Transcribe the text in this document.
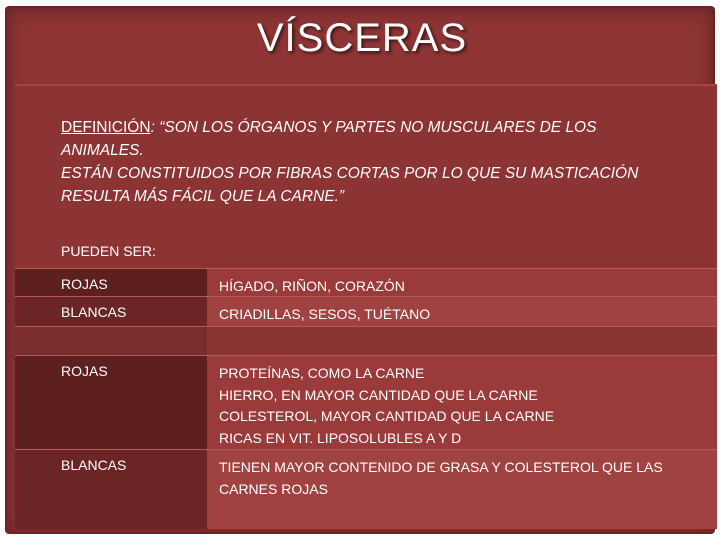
VÍSCERAS
DEFINICIÓN: “SON LOS ÓRGANOS Y PARTES NO MUSCULARES DE LOS
ANIMALES.
ESTÁN CONSTITUIDOS POR FIBRAS CORTAS POR LO QUE SU MASTICACIÓN
RESULTA MÁS FÁCIL QUE LA CARNE.”
PUEDEN SER:
ROJAS	HÍGADO, RIÑON, CORAZÓN
BLANCAS	CRIADILLAS, SESOS, TUÉTANO
ROJAS	PROTEÍNAS, COMO LA CARNE
HIERRO, EN MAYOR CANTIDAD QUE LA CARNE
COLESTEROL, MAYOR CANTIDAD QUE LA CARNE
RICAS EN VIT. LIPOSOLUBLES A Y D
BLANCAS	TIENEN MAYOR CONTENIDO DE GRASA Y COLESTEROL QUE LAS
CARNES ROJAS
